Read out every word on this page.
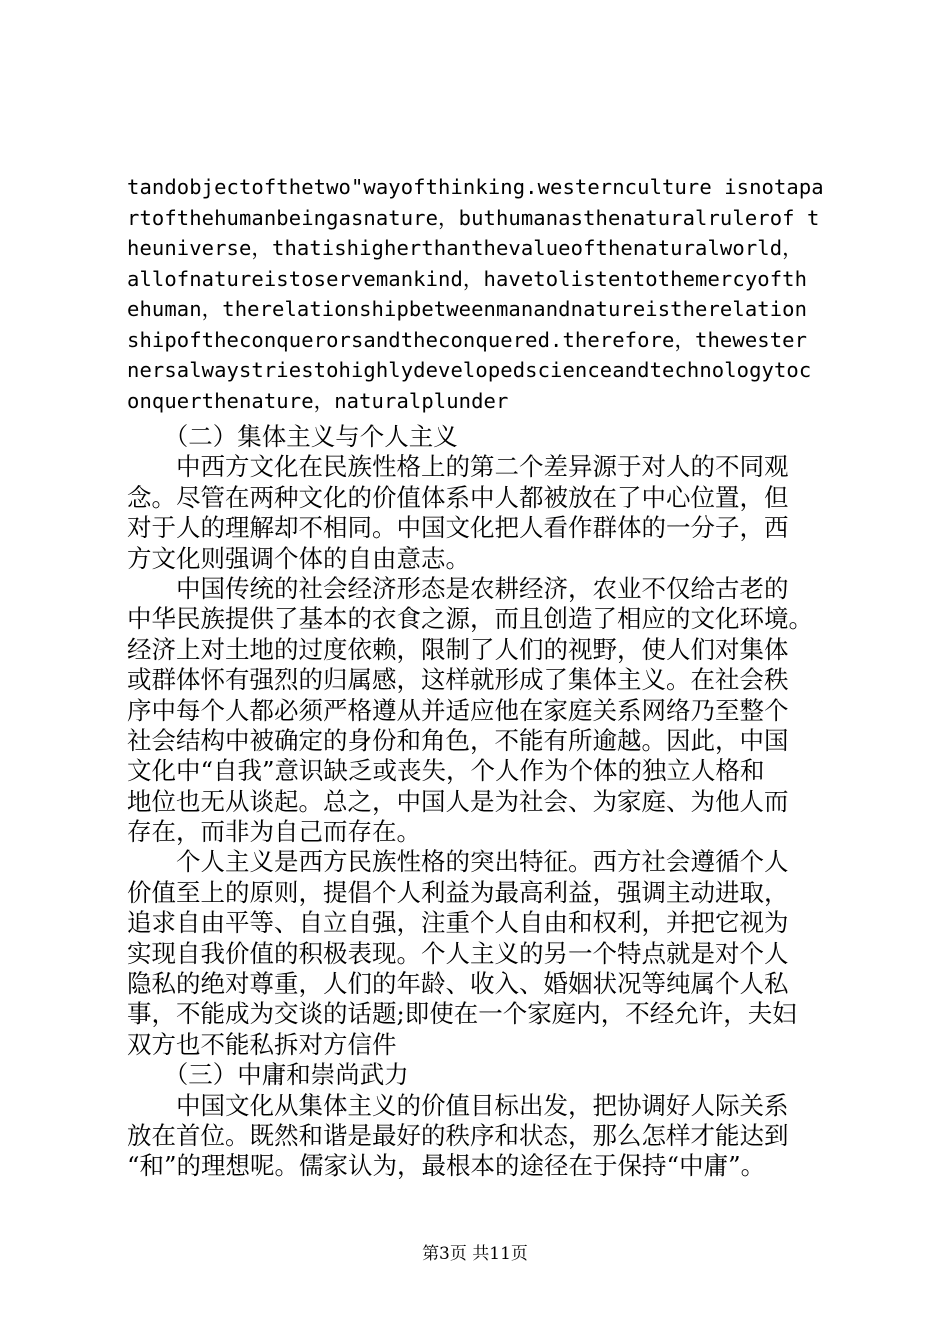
tandobjectofthetwo"wayofthinking.westernculture isnotapa
rtofthehumanbeingasnature，buthumanasthenaturalrulerof t
heuniverse，thatishigherthanthevalueofthenaturalworld，
allofnatureistoservemankind，havetolistentothemercyofth
ehuman，therelationshipbetweenmanandnatureistherelation
shipoftheconquerorsandtheconquered.therefore，thewester
nersalwaystriestohighlydevelopedscienceandtechnologytoc
onquerthenature，naturalplunder
　　（二）集体主义与个人主义
　　中西方文化在民族性格上的第二个差异源于对人的不同观
念。尽管在两种文化的价值体系中人都被放在了中心位置，但
对于人的理解却不相同。中国文化把人看作群体的一分子，西
方文化则强调个体的自由意志。
　　中国传统的社会经济形态是农耕经济，农业不仅给古老的
中华民族提供了基本的衣食之源，而且创造了相应的文化环境。
经济上对土地的过度依赖，限制了人们的视野，使人们对集体
或群体怀有强烈的归属感，这样就形成了集体主义。在社会秩
序中每个人都必须严格遵从并适应他在家庭关系网络乃至整个
社会结构中被确定的身份和角色，不能有所逾越。因此，中国
文化中“自我”意识缺乏或丧失，个人作为个体的独立人格和
地位也无从谈起。总之，中国人是为社会、为家庭、为他人而
存在，而非为自己而存在。
　　个人主义是西方民族性格的突出特征。西方社会遵循个人
价值至上的原则，提倡个人利益为最高利益，强调主动进取，
追求自由平等、自立自强，注重个人自由和权利，并把它视为
实现自我价值的积极表现。个人主义的另一个特点就是对个人
隐私的绝对尊重，人们的年龄、收入、婚姻状况等纯属个人私
事，不能成为交谈的话题;即使在一个家庭内，不经允许，夫妇
双方也不能私拆对方信件
　　（三）中庸和崇尚武力
　　中国文化从集体主义的价值目标出发，把协调好人际关系
放在首位。既然和谐是最好的秩序和状态，那么怎样才能达到
“和”的理想呢。儒家认为，最根本的途径在于保持“中庸”。
第3页 共11页
